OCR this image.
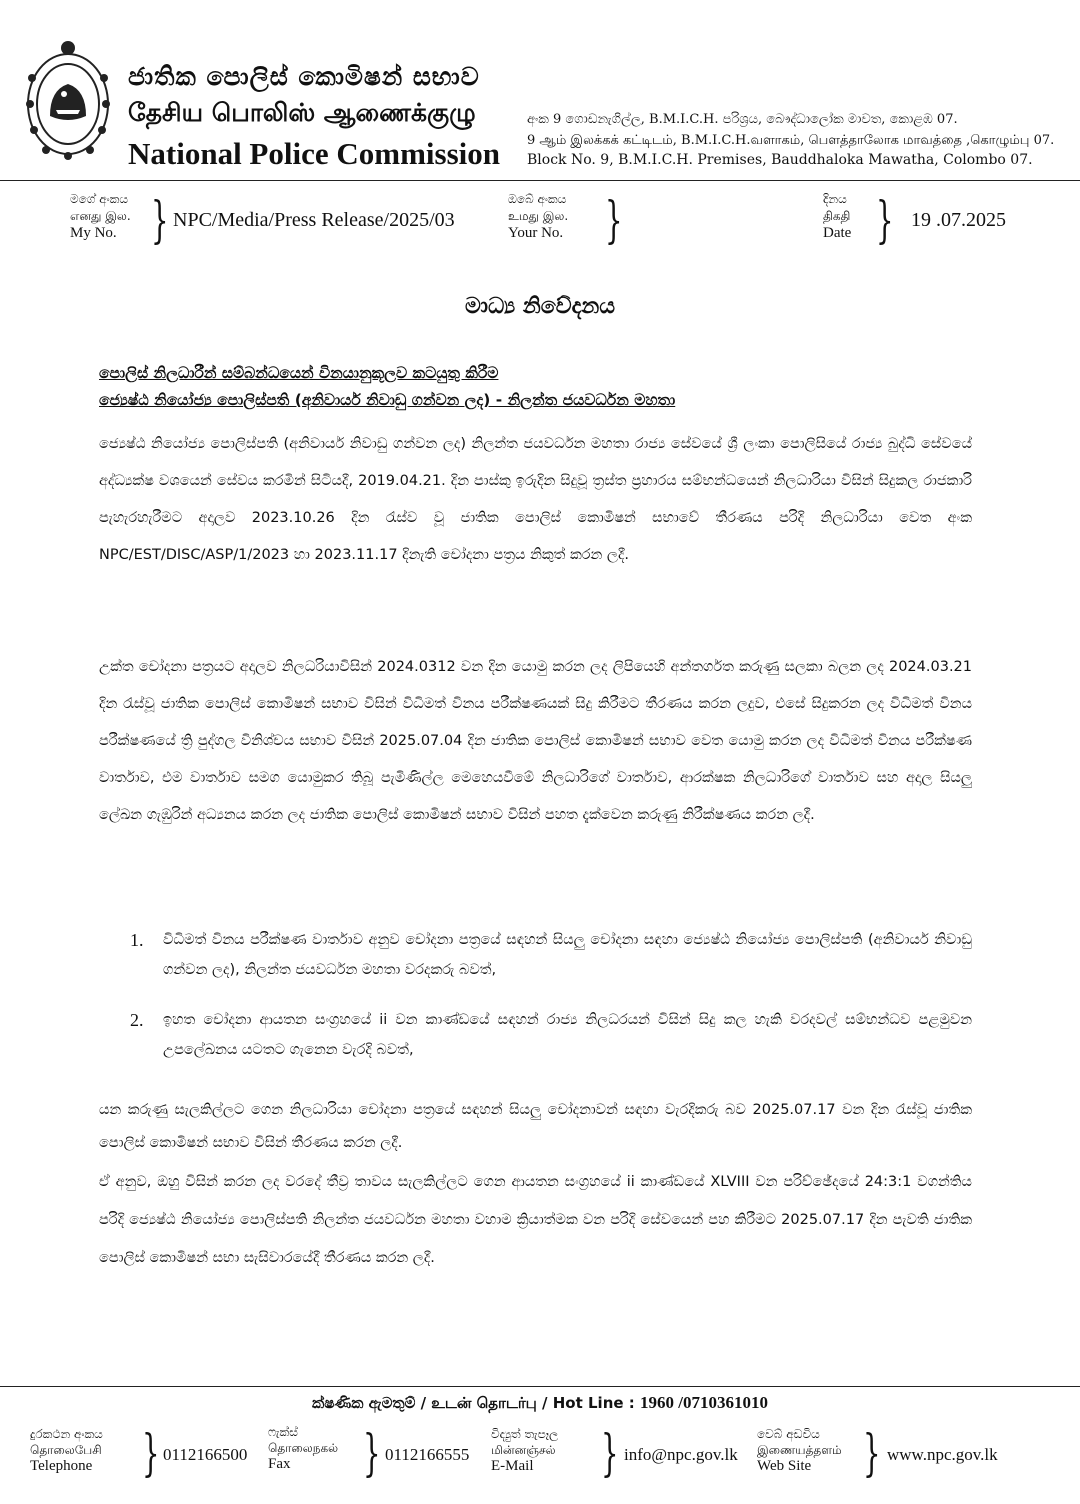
ජාතික පොලිස් කොමිෂන් සභාව
தேசிய பொலிஸ் ஆணைக்குழு
National Police Commission
අංක 9 ගොඩනැගිල්ල, B.M.I.C.H. පරිශ්‍රය, බෞද්ධාලෝක මාවත, කොළඹ 07.
9 ஆம் இலக்கக் கட்டிடம், B.M.I.C.H.வளாகம், பௌத்தாலோக மாவத்தை ,கொழும்பு 07.
Block No. 9, B.M.I.C.H. Premises, Bauddhaloka Mawatha, Colombo 07.
මගේ අංකය
எனது இல.
My No. } NPC/Media/Press Release/2025/03
ඔබේ අංකය
உமது இல.
Your No. }	දිනය
திகதி
Date } 19 .07.2025
මාධ්‍ය නිවේදනය
පොලිස් නිලධාරීන් සම්බන්ධයෙන් විනයානුකූලව කටයුතු කිරීම
ජ්‍යෙෂ්ඨ නියෝජ්‍ය පොලිස්පති (අනිවාර්ය නිවාඩු ගන්වන ලද) - නිලන්ත ජයවර්ධන මහතා

ජ්‍යෙෂ්ඨ නියෝජ්‍ය පොලිස්පති (අනිවාර්ය නිවාඩු ගන්වන ලද) නිලන්ත ජයවර්ධන මහතා රාජ්‍ය සේවයේ ශ්‍රී ලංකා පොලිසියේ රාජ්‍ය බුද්ධි සේවයේ අද්ධ්‍යක්ෂ වශයෙන් සේවය කරමින් සිටියදී, 2019.04.21. දින පාස්කු ඉරුදින සිදුවූ ත්‍රස්ත ප්‍රහාරය සම්භන්ධයෙන් නිලධාරියා විසින් සිදුකල රාජකාරි පැහැරහැරීමට අදාලව 2023.10.26 දින රැස්ව වූ ජාතික පොලිස් කොමිෂන් සභාවේ තීරණය පරිදි නිලධාරියා වෙත අංක NPC/EST/DISC/ASP/1/2023 හා 2023.11.17 දිනැති චෝදනා පත්‍රය නිකුත් කරන ලදී.

උක්ත චෝදනා පත්‍රයට අදාලව නිලධරියාවිසින් 2024.0312 වන දින යොමු කරන ලද ලිපියෙහි අන්තර්ගත කරුණු සලකා බලන ලද 2024.03.21 දින රැස්වූ ජාතික පොලිස් කොමිෂන් සභාව විසින් විධිමත් විනය පරීක්ෂණයක් සිදු කිරීමට තීරණය කරන ලදුව, එසේ සිදුකරන ලද විධිමත් විනය පරීක්ෂණයේ ත්‍රි පුද්ගල විනිශ්චය සභාව විසින් 2025.07.04 දින ජාතික පොලිස් කොමිෂන් සභාව වෙත යොමු කරන ලද විධිමත් විනය පරීක්ෂණ වාර්තාව, එම වාර්තාව සමග යොමුකර තිබූ පැමිණිල්ල මෙහෙයවීමේ නිලධාරිගේ වාර්තාව, ආරක්ෂක නිලධාරිගේ වාර්තාව සහ අදාල සියලු ලේඛන ගැඹුරින් අධ්‍යනය කරන ලද ජාතික පොලිස් කොමිෂන් සභාව විසින් පහත දැක්වෙන කරුණු නිරීක්ෂණය කරන ලදී.

1. විධිමත් විනය පරීක්ෂණ වාර්තාව අනුව චෝදනා පත්‍රයේ සඳහන් සියලු චෝදනා සඳහා ජ්‍යෙෂ්ඨ නියෝජ්‍ය පොලිස්පති (අනිවාර්ය නිවාඩු ගන්වන ලද), නිලන්ත ජයවර්ධන මහතා වරදකරු බවත්,

2. ඉහත චෝදනා ආයතන සංග්‍රහයේ ii වන කාණ්ඩයේ සඳහන් රාජ්‍ය නිලධරයන් විසින් සිදු කල හැකි වරදවල් සම්භන්ධව පළමුවන උපලේඛනය යටතට ගැනෙන වැරදි බවත්,

යන කරුණු සැලකිල්ලට ගෙන නිලධාරියා චෝදනා පත්‍රයේ සඳහන් සියලු චෝදනාවන් සඳහා වැරදිකරු බව 2025.07.17 වන දින රැස්වූ ජාතික පොලිස් කොමිෂන් සභාව විසින් තීරණය කරන ලදී.

ඒ අනුව, ඔහු විසින් කරන ලද වරදේ තීව්‍ර තාවය සැලකිල්ලට ගෙන ආයතන සංග්‍රහයේ ii කාණ්ඩයේ XLVIII වන පරිච්ඡේදයේ 24:3:1 වගන්තිය පරිදි ජ්‍යෙෂ්ඨ නියෝජ්‍ය පොලිස්පති නිලන්ත ජයවර්ධන මහතා වහාම ක්‍රියාත්මක වන පරිදි සේවයෙන් පහ කිරීමට 2025.07.17 දින පැවති ජාතික පොලිස් කොමිෂන් සභා සැසිවාරයේදී තීරණය කරන ලදී.

ක්ෂණික ඇමතුම් / உடன் தொடர்பு / Hot Line : 1960 /0710361010
දුරකථන අංකය
தொலைபேசி
Telephone } 0112166500
ෆැක්ස්
தொலைநகல்
Fax	} 0112166555
විද්‍යුත් තැපෑල
மின்னஞ்சல்
E-Mail	} info@npc.gov.lk
වෙබ් අඩවිය
இணையத்தளம்
Web Site	} www.npc.gov.lk
